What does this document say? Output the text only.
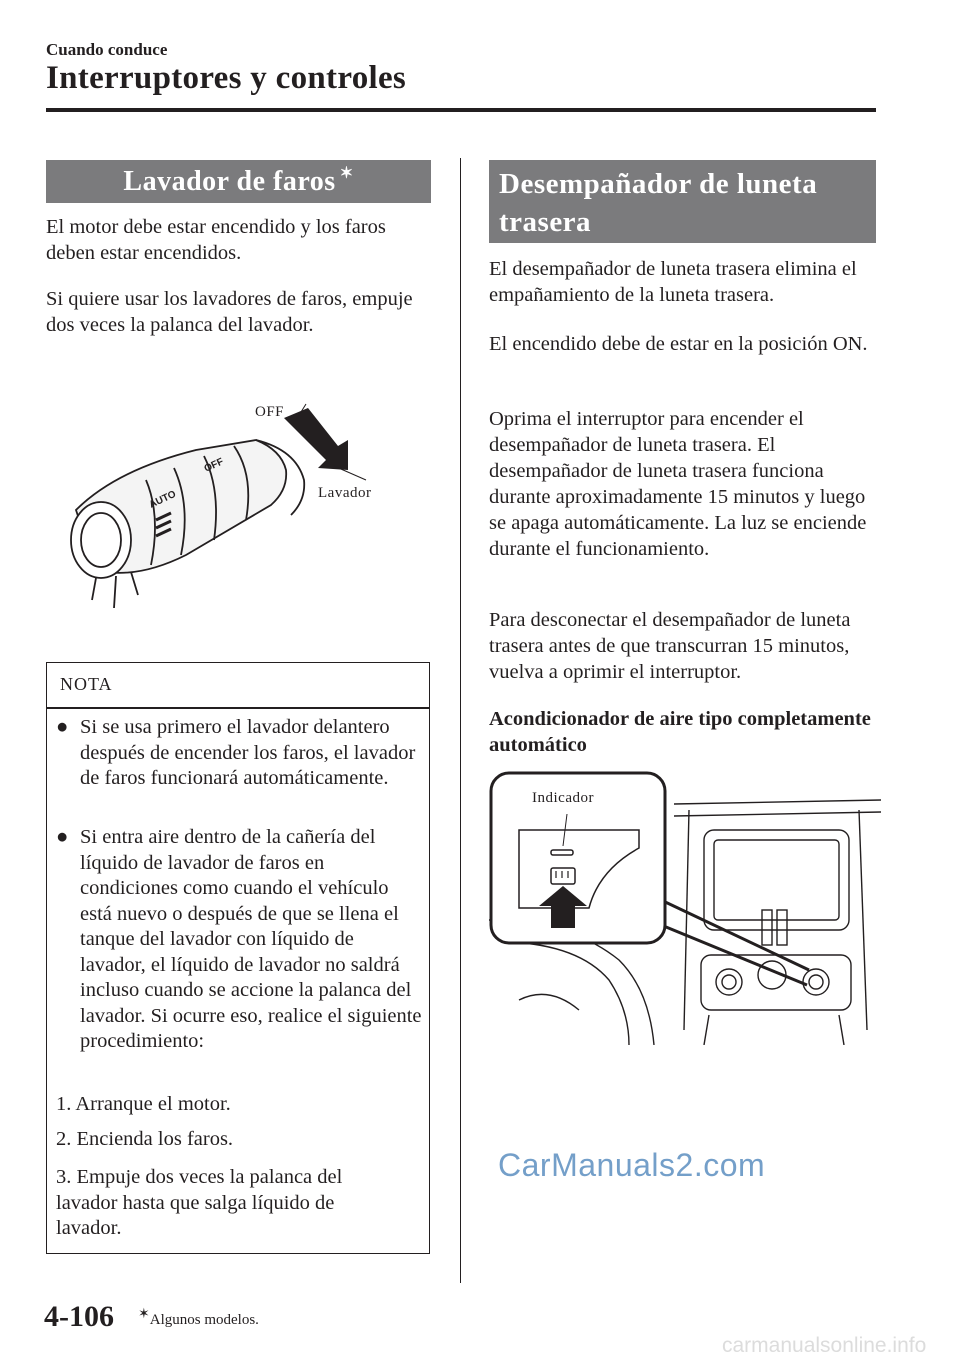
Cuando conduce
Interruptores y controles
Lavador de faros ✶
El motor debe estar encendido y los faros deben estar encendidos.
Si quiere usar los lavadores de faros, empuje dos veces la palanca del lavador.
OFF
AUTO
OFF
Lavador
NOTA
● Si se usa primero el lavador delantero después de encender los faros, el lavador de faros funcionará automáticamente.
● Si entra aire dentro de la cañería del líquido de lavador de faros en condiciones como cuando el vehículo está nuevo o después de que se llena el tanque del lavador con líquido de lavador, el líquido de lavador no saldrá incluso cuando se accione la palanca del lavador. Si ocurre eso, realice el siguiente procedimiento:
1. Arranque el motor.
2. Encienda los faros.
3. Empuje dos veces la palanca del lavador hasta que salga líquido de lavador.
Desempañador de luneta
trasera
El desempañador de luneta trasera elimina el empañamiento de la luneta trasera.
El encendido debe de estar en la posición ON.
Oprima el interruptor para encender el desempañador de luneta trasera. El desempañador de luneta trasera funciona durante aproximadamente 15 minutos y luego se apaga automáticamente. La luz se enciende durante el funcionamiento.
Para desconectar el desempañador de luneta trasera antes de que transcurran 15 minutos, vuelva a oprimir el interruptor.
Acondicionador de aire tipo completamente automático
Indicador
CarManuals2.com
4-106 ✶Algunos modelos.
carmanualsonline.info
